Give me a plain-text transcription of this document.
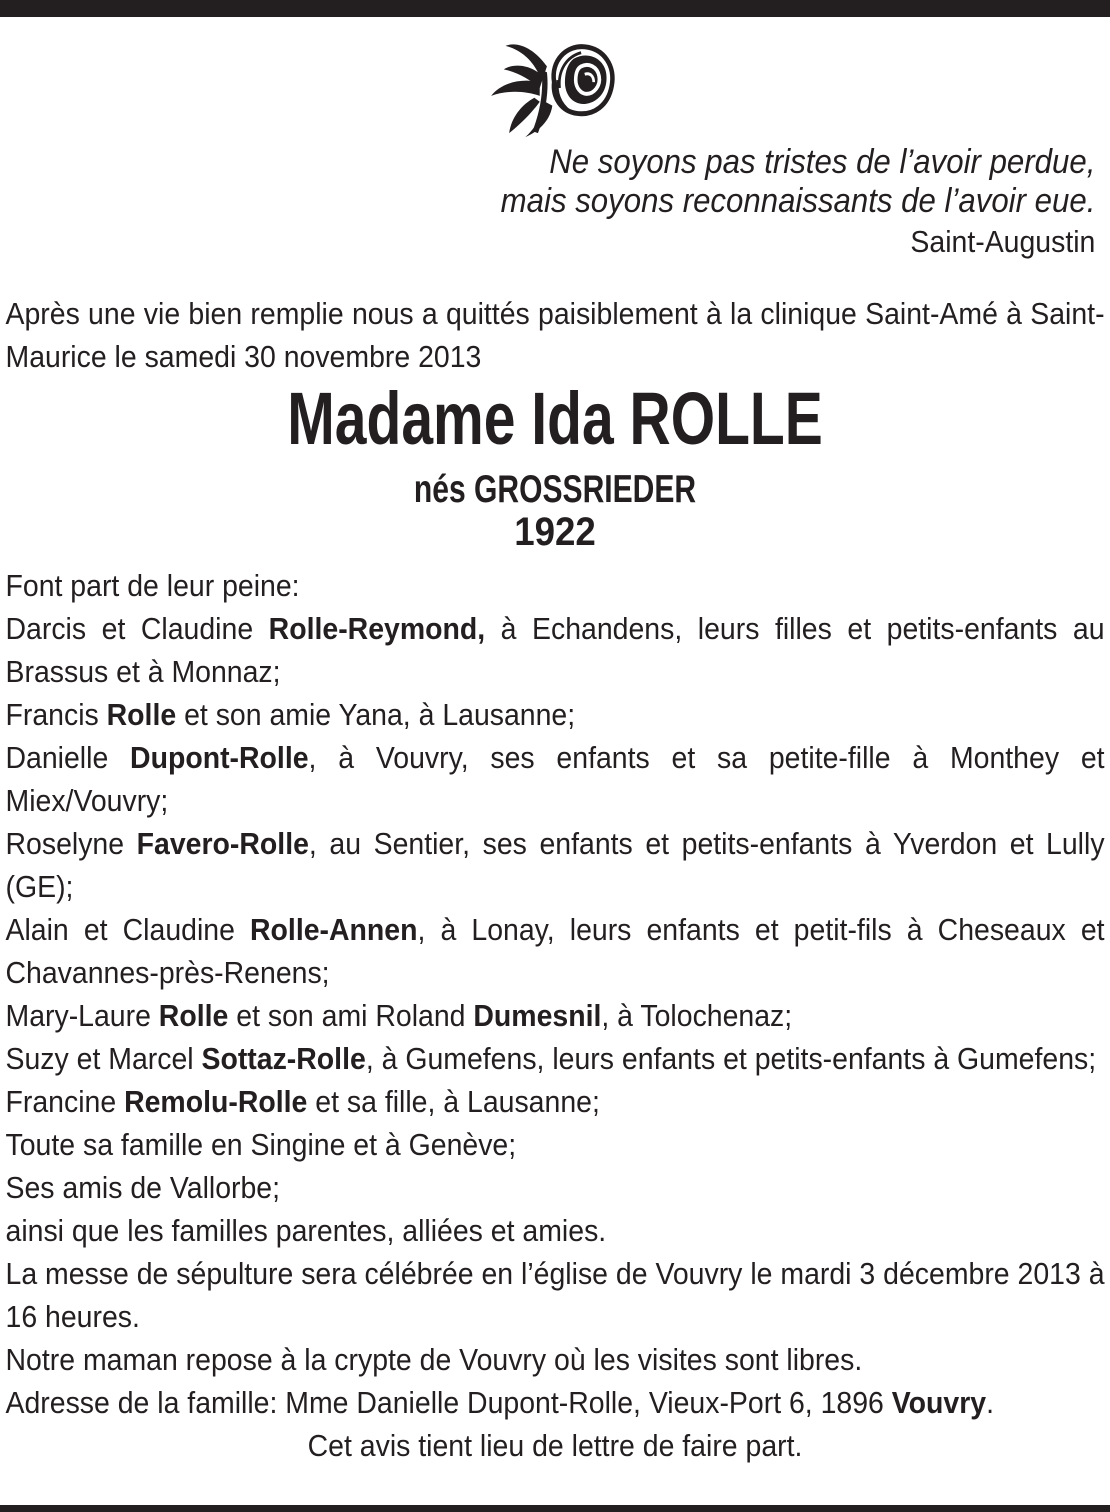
Ne soyons pas tristes de l’avoir perdue,
mais soyons reconnaissants de l’avoir eue.
Saint-Augustin

Après une vie bien remplie nous a quittés paisiblement à la clinique Saint-Amé à Saint-Maurice le samedi 30 novembre 2013

Madame Ida ROLLE
nés GROSSRIEDER
1922

Font part de leur peine:

Darcis et Claudine Rolle-Reymond, à Echandens, leurs filles et petits-enfants au Brassus et à Monnaz;

Francis Rolle et son amie Yana, à Lausanne;

Danielle Dupont-Rolle, à Vouvry, ses enfants et sa petite-fille à Monthey et Miex/Vouvry;

Roselyne Favero-Rolle, au Sentier, ses enfants et petits-enfants à Yverdon et Lully (GE);

Alain et Claudine Rolle-Annen, à Lonay, leurs enfants et petit-fils à Cheseaux et Chavannes-près-Renens;

Mary-Laure Rolle et son ami Roland Dumesnil, à Tolochenaz;

Suzy et Marcel Sottaz-Rolle, à Gumefens, leurs enfants et petits-enfants à Gumefens;

Francine Remolu-Rolle et sa fille, à Lausanne;

Toute sa famille en Singine et à Genève;

Ses amis de Vallorbe;

ainsi que les familles parentes, alliées et amies.

La messe de sépulture sera célébrée en l’église de Vouvry le mardi 3 décembre 2013 à 16 heures.

Notre maman repose à la crypte de Vouvry où les visites sont libres.

Adresse de la famille: Mme Danielle Dupont-Rolle, Vieux-Port 6, 1896 Vouvry.

Cet avis tient lieu de lettre de faire part.
